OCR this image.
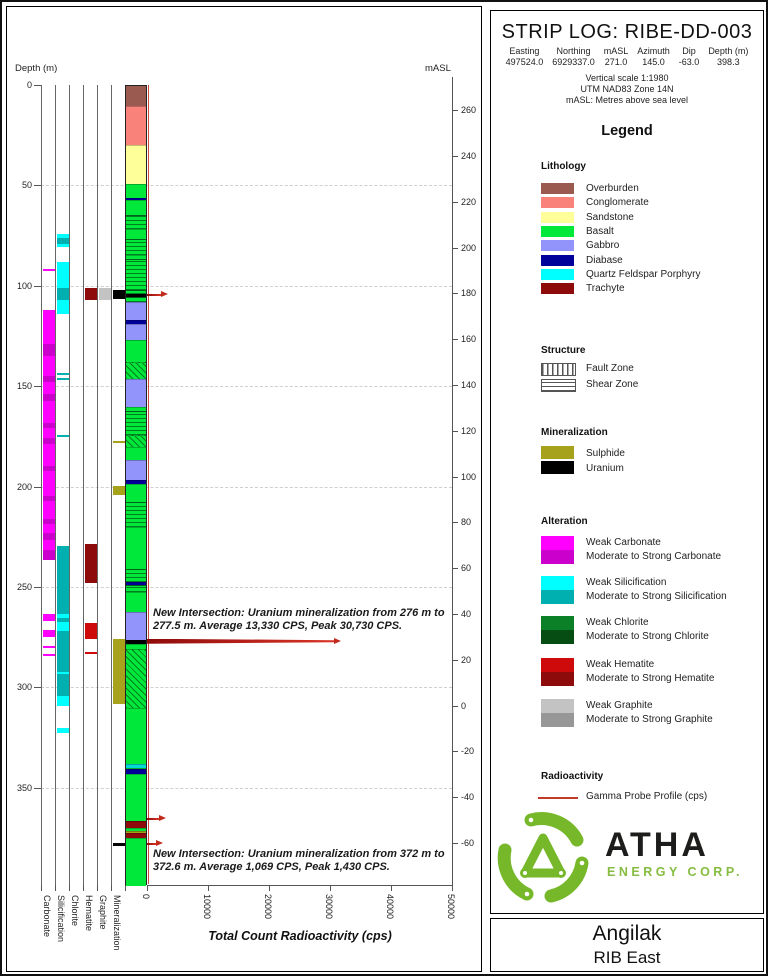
Depth (m)	mASL
0
50
100
150
200
250
300
350
260
240
220
200
180
160
140
120
100
80
60
40
20
0
-20
-40
-60
Carbonate Silicification Chlorite Hematite Graphite Mineralization 0	10000	20000	30000	40000	50000
New Intersection: Uranium mineralization from 276 m to 277.5 m. Average 13,330 CPS, Peak 30,730 CPS.
New Intersection: Uranium mineralization from 372 m to 372.6 m. Average 1,069 CPS, Peak 1,430 CPS.
Total Count Radioactivity (cps)
STRIP LOG: RIBE-DD-003
Easting
497524.0
Northing
6929337.0
mASL
271.0
Azimuth
145.0
Dip
-63.0
Depth (m)
398.3
Vertical scale 1:1980
UTM NAD83 Zone 14N
mASL: Metres above sea level
Legend
Lithology
Overburden
Conglomerate
Sandstone
Basalt
Gabbro
Diabase
Quartz Feldspar Porphyry
Trachyte
Structure
Fault Zone
Shear Zone
Mineralization
Sulphide
Uranium
Alteration
Weak Carbonate
Moderate to Strong Carbonate
Weak Silicification
Moderate to Strong Silicification
Weak Chlorite
Moderate to Strong Chlorite
Weak Hematite
Moderate to Strong Hematite
Weak Graphite
Moderate to Strong Graphite
Radioactivity
Gamma Probe Profile (cps)
ATHA
ENERGY CORP.
Angilak
RIB East
